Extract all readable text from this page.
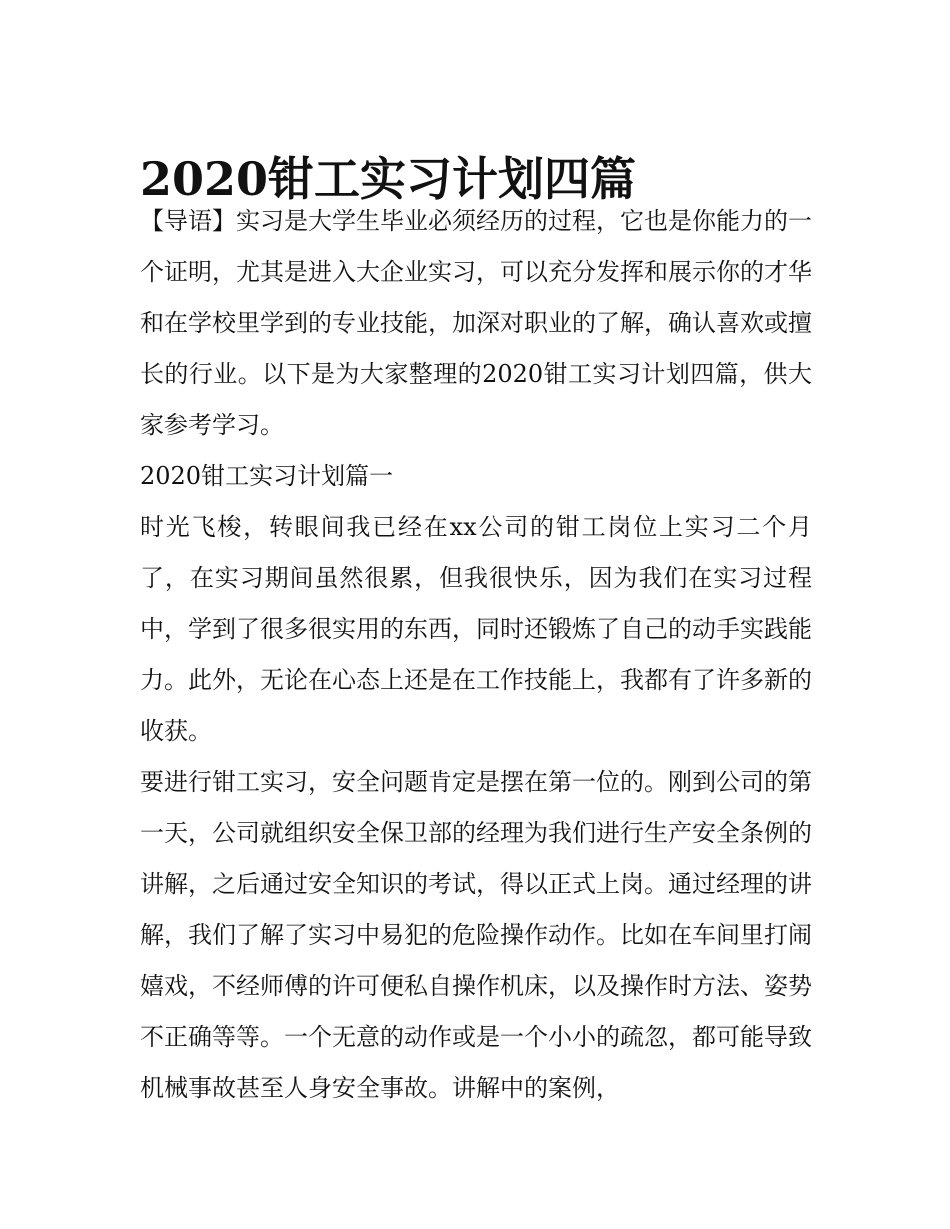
2020钳工实习计划四篇

【导语】实习是大学生毕业必须经历的过程，它也是你能力的一个证明，尤其是进入大企业实习，可以充分发挥和展示你的才华和在学校里学到的专业技能，加深对职业的了解，确认喜欢或擅长的行业。以下是为大家整理的2020钳工实习计划四篇，供大家参考学习。

2020钳工实习计划篇一

时光飞梭，转眼间我已经在xx公司的钳工岗位上实习二个月了，在实习期间虽然很累，但我很快乐，因为我们在实习过程中，学到了很多很实用的东西，同时还锻炼了自己的动手实践能力。此外，无论在心态上还是在工作技能上，我都有了许多新的收获。

要进行钳工实习，安全问题肯定是摆在第一位的。刚到公司的第一天，公司就组织安全保卫部的经理为我们进行生产安全条例的讲解，之后通过安全知识的考试，得以正式上岗。通过经理的讲解，我们了解了实习中易犯的危险操作动作。比如在车间里打闹嬉戏，不经师傅的许可便私自操作机床，以及操作时方法、姿势不正确等等。一个无意的动作或是一个小小的疏忽，都可能导致机械事故甚至人身安全事故。讲解中的案例，
